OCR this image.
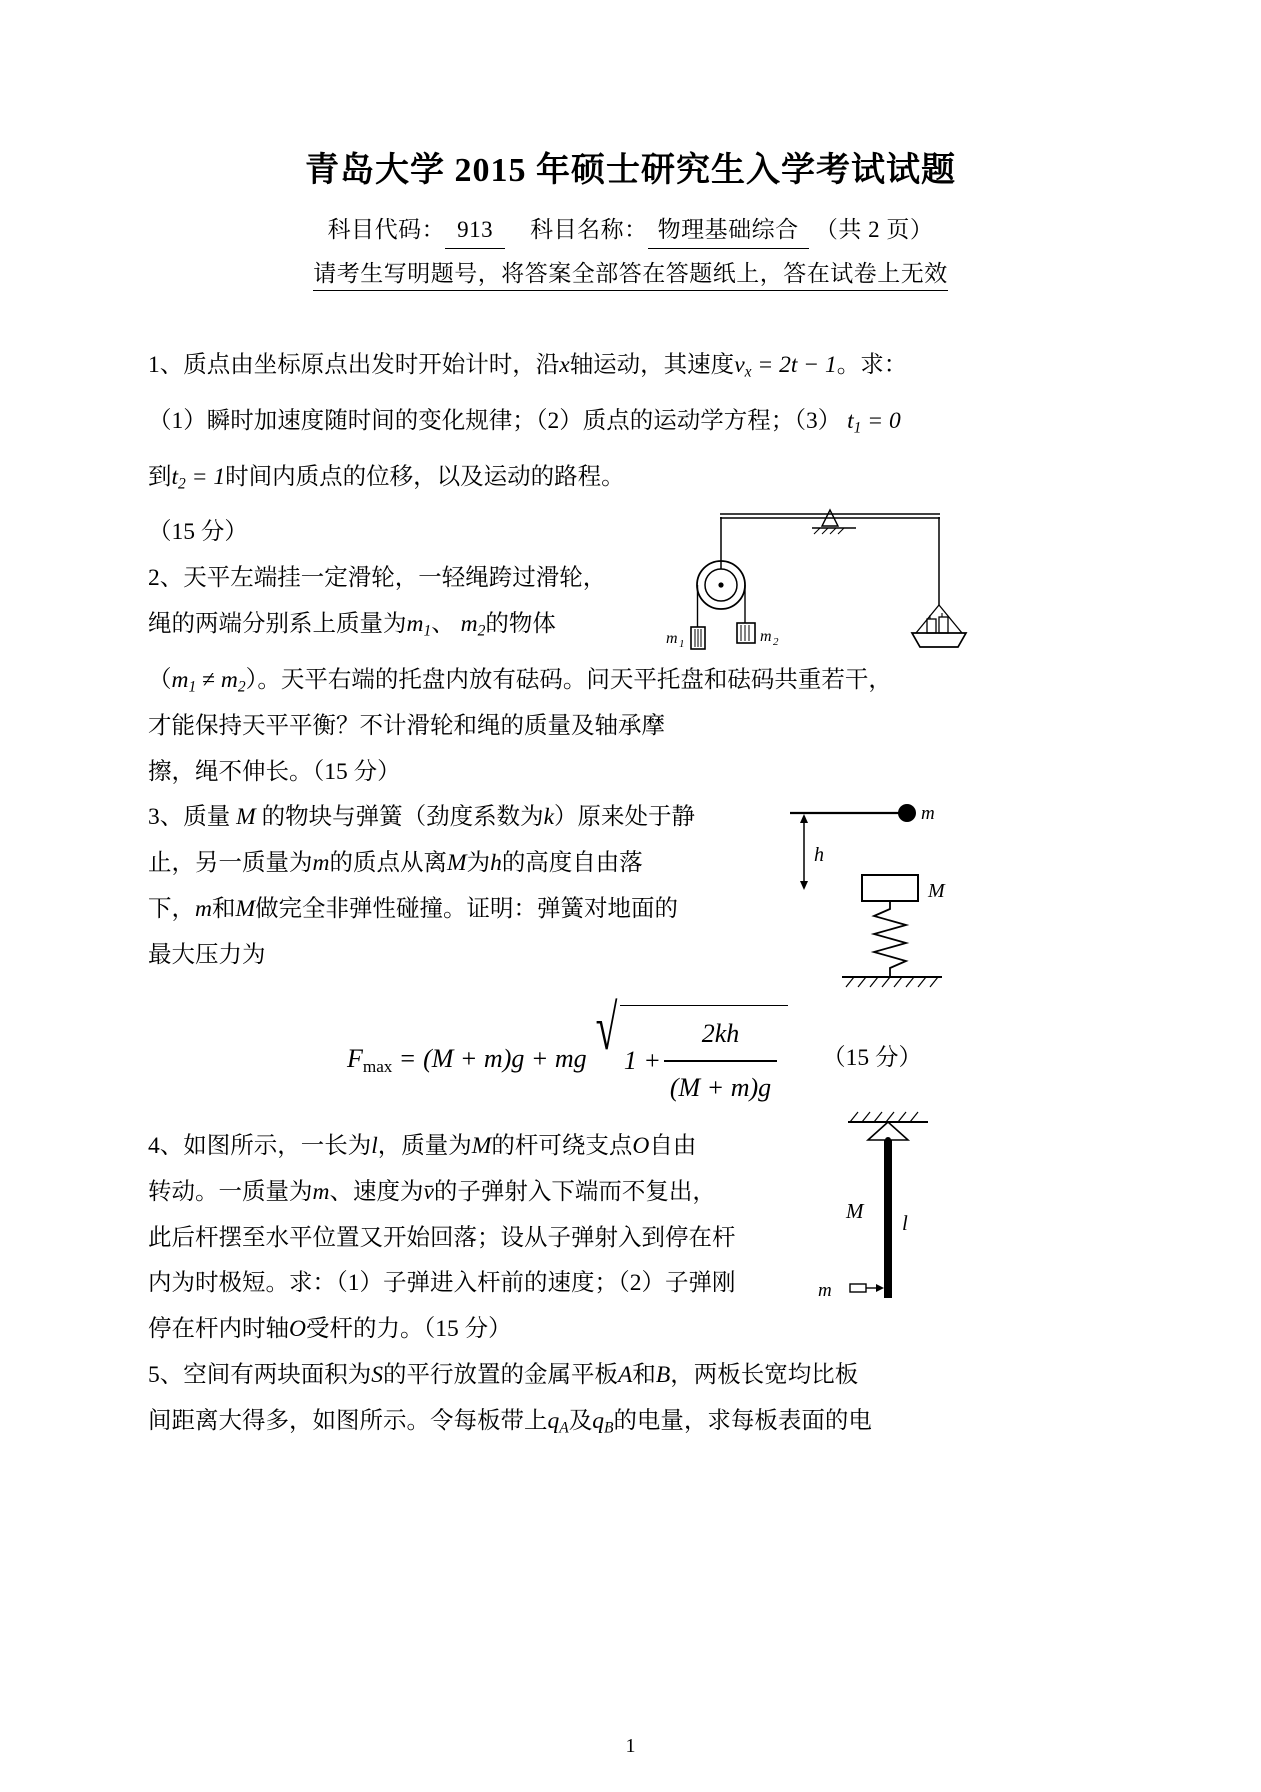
青岛大学 2015 年硕士研究生入学考试试题
科目代码： 913 科目名称： 物理基础综合 （共 2 页）
请考生写明题号，将答案全部答在答题纸上，答在试卷上无效
1、质点由坐标原点出发时开始计时，沿x轴运动，其速度$v_x = 2t - 1$。求：
（1）瞬时加速度随时间的变化规律；（2）质点的运动学方程；（3） $t_1 = 0$
到$t_2 = 1$时间内质点的位移，以及运动的路程。
（15 分）
2、天平左端挂一定滑轮，一轻绳跨过滑轮，
绳的两端分别系上质量为$m_1$、 $m_2$的物体
$(m_1 \ne m_2)$。天平右端的托盘内放有砝码。问天平托盘和砝码共重若干，
才能保持天平平衡？不计滑轮和绳的质量及轴承摩
擦，绳不伸长。（15 分）
3、质量 M 的物块与弹簧（劲度系数为k）原来处于静
止，另一质量为m的质点从离M为h的高度自由落
下，m和M做完全非弹性碰撞。证明：弹簧对地面的
最大压力为
$F_{max} = (M + m)g$ + mg √ $1 + \frac{2kh}{(M + m)g} (15$ 分）
4、如图所示，一长为l，质量为M的杆可绕支点O自由
转动。一质量为m、速度为v̄的子弹射入下端而不复出，
此后杆摆至水平位置又开始回落；设从子弹射入到停在杆
内为时极短。求：（1）子弹进入杆前的速度；（2）子弹刚
停在杆内时轴O受杆的力。（15 分）
5、空间有两块面积为S的平行放置的金属平板A和B，两板长宽均比板
间距离大得多，如图所示。令每板带上$q_A$及$q_B$的电量，求每板表面的电
m 1	m 2
m
h
M
M l
m
1
